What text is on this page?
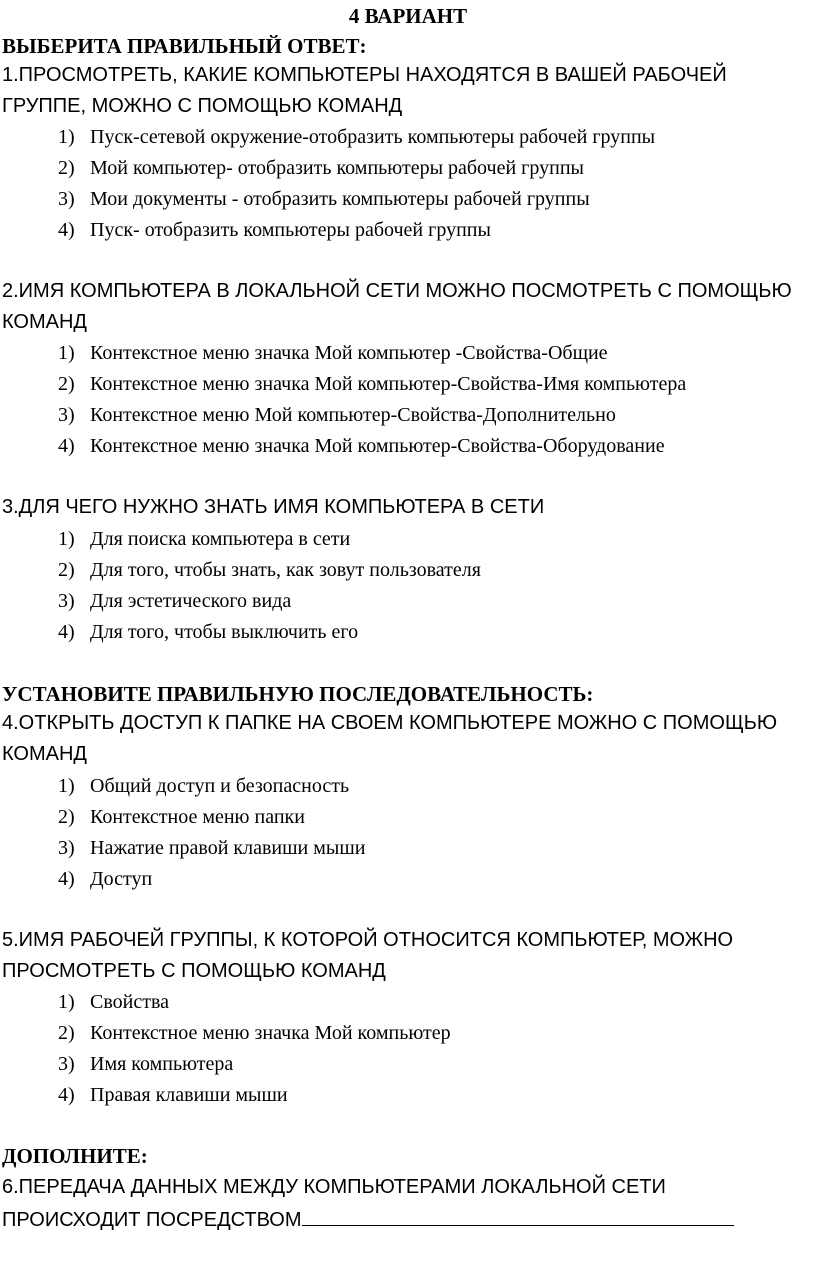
4 ВАРИАНТ
ВЫБЕРИТА ПРАВИЛЬНЫЙ ОТВЕТ:

1.ПРОСМОТРЕТЬ, КАКИЕ КОМПЬЮТЕРЫ НАХОДЯТСЯ В ВАШЕЙ РАБОЧЕЙ ГРУППЕ, МОЖНО С ПОМОЩЬЮ КОМАНД

1) Пуск-сетевой окружение-отобразить компьютеры рабочей группы
2) Мой компьютер- отобразить компьютеры рабочей группы
3) Мои документы - отобразить компьютеры рабочей группы
4) Пуск- отобразить компьютеры рабочей группы

2.ИМЯ КОМПЬЮТЕРА В ЛОКАЛЬНОЙ СЕТИ МОЖНО ПОСМОТРЕТЬ С ПОМОЩЬЮ КОМАНД

1) Контекстное меню значка Мой компьютер -Свойства-Общие
2) Контекстное меню значка Мой компьютер-Свойства-Имя компьютера
3) Контекстное меню Мой компьютер-Свойства-Дополнительно
4) Контекстное меню значка Мой компьютер-Свойства-Оборудование

3.ДЛЯ ЧЕГО НУЖНО ЗНАТЬ ИМЯ КОМПЬЮТЕРА В СЕТИ

1) Для поиска компьютера в сети
2) Для того, чтобы знать, как зовут пользователя
3) Для эстетического вида
4) Для того, чтобы выключить его
УСТАНОВИТЕ ПРАВИЛЬНУЮ ПОСЛЕДОВАТЕЛЬНОСТЬ:

4.ОТКРЫТЬ ДОСТУП К ПАПКЕ НА СВОЕМ КОМПЬЮТЕРЕ МОЖНО С ПОМОЩЬЮ КОМАНД

1) Общий доступ и безопасность
2) Контекстное меню папки
3) Нажатие правой клавиши мыши
4) Доступ

5.ИМЯ РАБОЧЕЙ ГРУППЫ, К КОТОРОЙ ОТНОСИТСЯ КОМПЬЮТЕР, МОЖНО ПРОСМОТРЕТЬ С ПОМОЩЬЮ КОМАНД

1) Свойства
2) Контекстное меню значка Мой компьютер
3) Имя компьютера
4) Правая клавиши мыши
ДОПОЛНИТЕ:

6.ПЕРЕДАЧА ДАННЫХ МЕЖДУ КОМПЬЮТЕРАМИ ЛОКАЛЬНОЙ СЕТИ ПРОИСХОДИТ ПОСРЕДСТВОМ
